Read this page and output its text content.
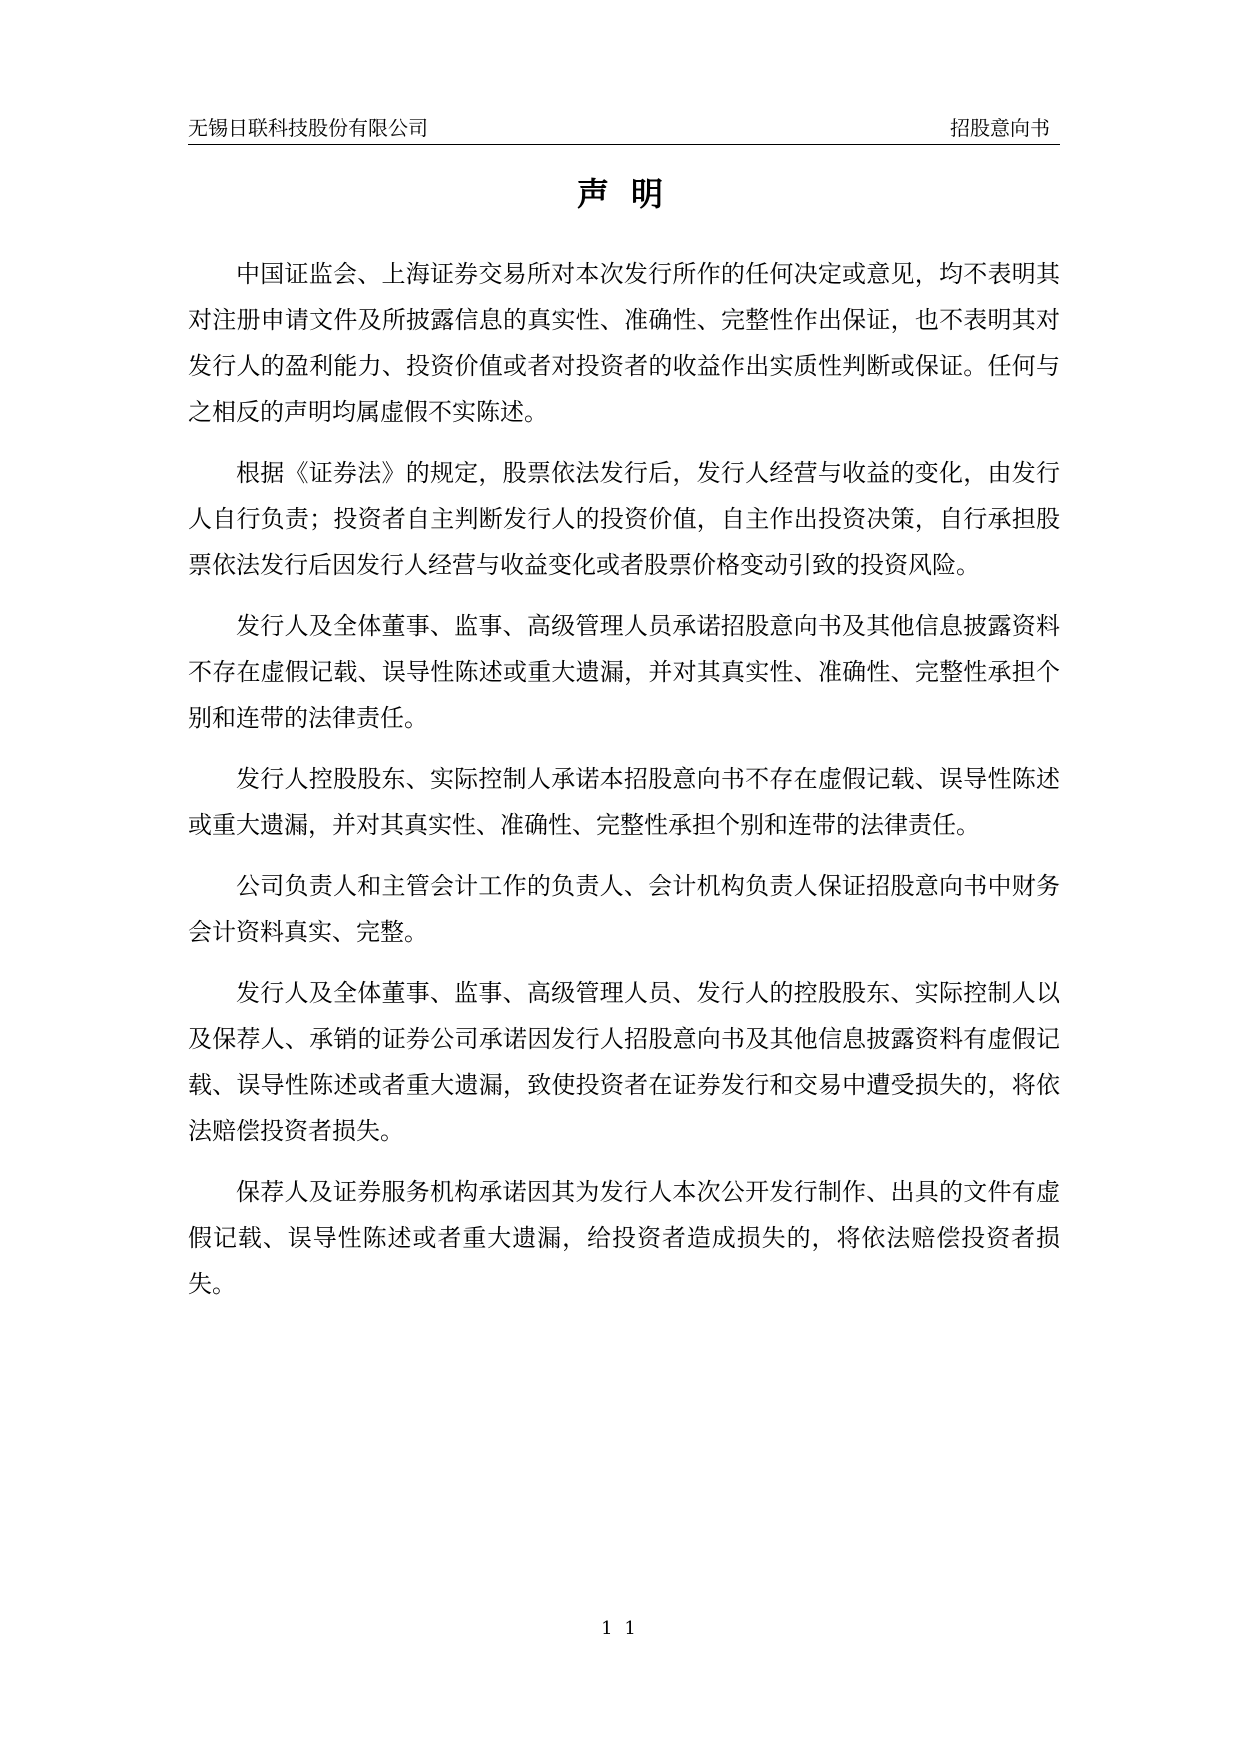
无锡日联科技股份有限公司	招股意向书
声明

中国证监会、上海证券交易所对本次发行所作的任何决定或意见，均不表明其对注册申请文件及所披露信息的真实性、准确性、完整性作出保证，也不表明其对发行人的盈利能力、投资价值或者对投资者的收益作出实质性判断或保证。任何与之相反的声明均属虚假不实陈述。

根据《证券法》的规定，股票依法发行后，发行人经营与收益的变化，由发行人自行负责；投资者自主判断发行人的投资价值，自主作出投资决策，自行承担股票依法发行后因发行人经营与收益变化或者股票价格变动引致的投资风险。

发行人及全体董事、监事、高级管理人员承诺招股意向书及其他信息披露资料不存在虚假记载、误导性陈述或重大遗漏，并对其真实性、准确性、完整性承担个别和连带的法律责任。

发行人控股股东、实际控制人承诺本招股意向书不存在虚假记载、误导性陈述或重大遗漏，并对其真实性、准确性、完整性承担个别和连带的法律责任。

公司负责人和主管会计工作的负责人、会计机构负责人保证招股意向书中财务会计资料真实、完整。

发行人及全体董事、监事、高级管理人员、发行人的控股股东、实际控制人以及保荐人、承销的证券公司承诺因发行人招股意向书及其他信息披露资料有虚假记载、误导性陈述或者重大遗漏，致使投资者在证券发行和交易中遭受损失的，将依法赔偿投资者损失。

保荐人及证券服务机构承诺因其为发行人本次公开发行制作、出具的文件有虚假记载、误导性陈述或者重大遗漏，给投资者造成损失的，将依法赔偿投资者损失。

1 1
